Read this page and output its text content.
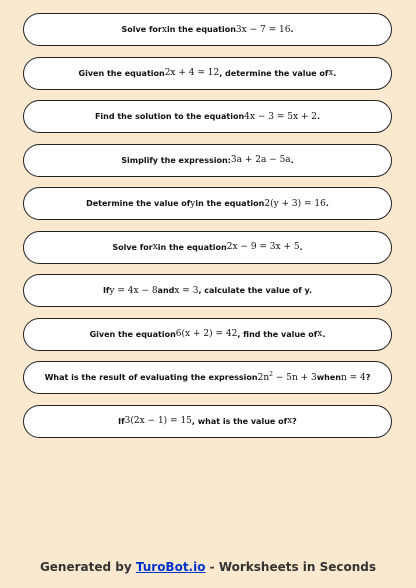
Solve for x in the equation 3x − 7 = 16 .
Given the equation 2x + 4 = 12 , determine the value of x .
Find the solution to the equation 4x − 3 = 5x + 2 .
Simplify the expression: 3a + 2a − 5a .
Determine the value of y in the equation 2(y + 3) = 16 .
Solve for x in the equation 2x − 9 = 3x + 5 .
If y = 4x − 8 and x = 3 , calculate the value of y.
Given the equation 6(x + 2) = 42 , find the value of x .
What is the result of evaluating the expression $2n^2 - 5n + 3$ when n = 4 ?
If 3(2x − 1) = 15 , what is the value of x ?
Generated by TuroBot.io - Worksheets in Seconds
